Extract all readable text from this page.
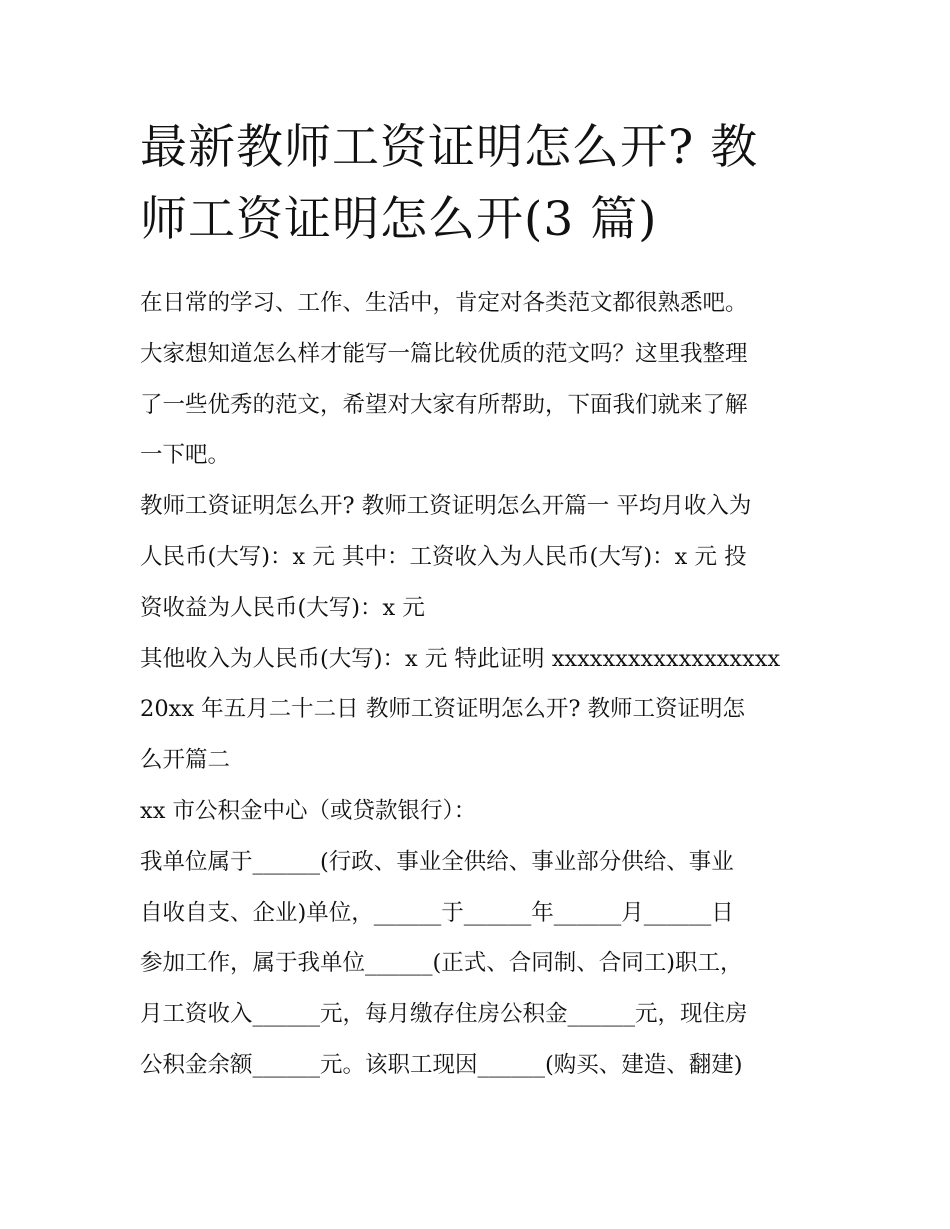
最新教师工资证明怎么开? 教
师工资证明怎么开(3 篇)
在日常的学习、工作、生活中，肯定对各类范文都很熟悉吧。
大家想知道怎么样才能写一篇比较优质的范文吗？这里我整理
了一些优秀的范文，希望对大家有所帮助，下面我们就来了解
一下吧。
教师工资证明怎么开? 教师工资证明怎么开篇一 平均月收入为
人民币(大写)：x 元 其中：工资收入为人民币(大写)：x 元 投
资收益为人民币(大写)：x 元
其他收入为人民币(大写)：x 元 特此证明 xxxxxxxxxxxxxxxxxx
20xx 年五月二十二日 教师工资证明怎么开? 教师工资证明怎
么开篇二
xx 市公积金中心（或贷款银行）：
我单位属于______(行政、事业全供给、事业部分供给、事业
自收自支、企业)单位，______于______年______月______日
参加工作，属于我单位______(正式、合同制、合同工)职工，
月工资收入______元，每月缴存住房公积金______元，现住房
公积金余额______元。该职工现因______(购买、建造、翻建)
